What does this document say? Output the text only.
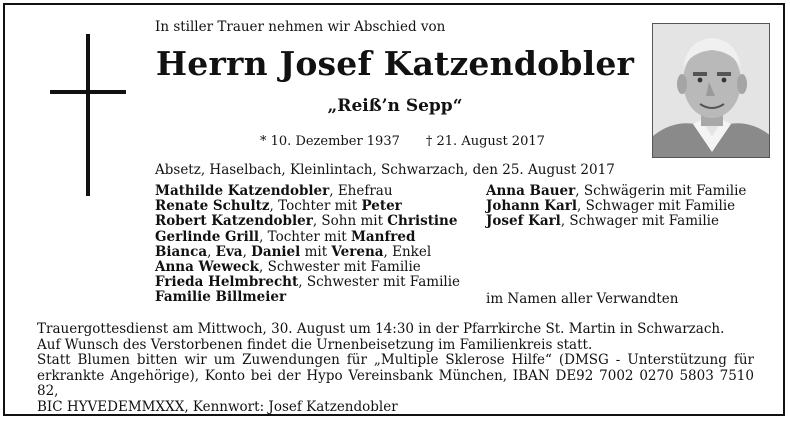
In stiller Trauer nehmen wir Abschied von
Herrn Josef Katzendobler
„Reiß’n Sepp“
* 10. Dezember 1937 † 21. August 2017
Absetz, Haselbach, Kleinlintach, Schwarzach, den 25. August 2017
Mathilde Katzendobler, Ehefrau
Renate Schultz, Tochter mit Peter
Robert Katzendobler, Sohn mit Christine
Gerlinde Grill, Tochter mit Manfred
Bianca, Eva, Daniel mit Verena, Enkel
Anna Weweck, Schwester mit Familie
Frieda Helmbrecht, Schwester mit Familie
Familie Billmeier
Anna Bauer, Schwägerin mit Familie
Johann Karl, Schwager mit Familie
Josef Karl, Schwager mit Familie
im Namen aller Verwandten

Trauergottesdienst am Mittwoch, 30. August um 14:30 in der Pfarrkirche St. Martin in Schwarzach.

Auf Wunsch des Verstorbenen findet die Urnenbeisetzung im Familienkreis statt.

Statt Blumen bitten wir um Zuwendungen für „Multiple Sklerose Hilfe“ (DMSG - Unterstützung für erkrankte Angehörige), Konto bei der Hypo Vereinsbank München, IBAN DE92 7002 0270 5803 7510 82,

BIC HYVEDEMMXXX, Kennwort: Josef Katzendobler
